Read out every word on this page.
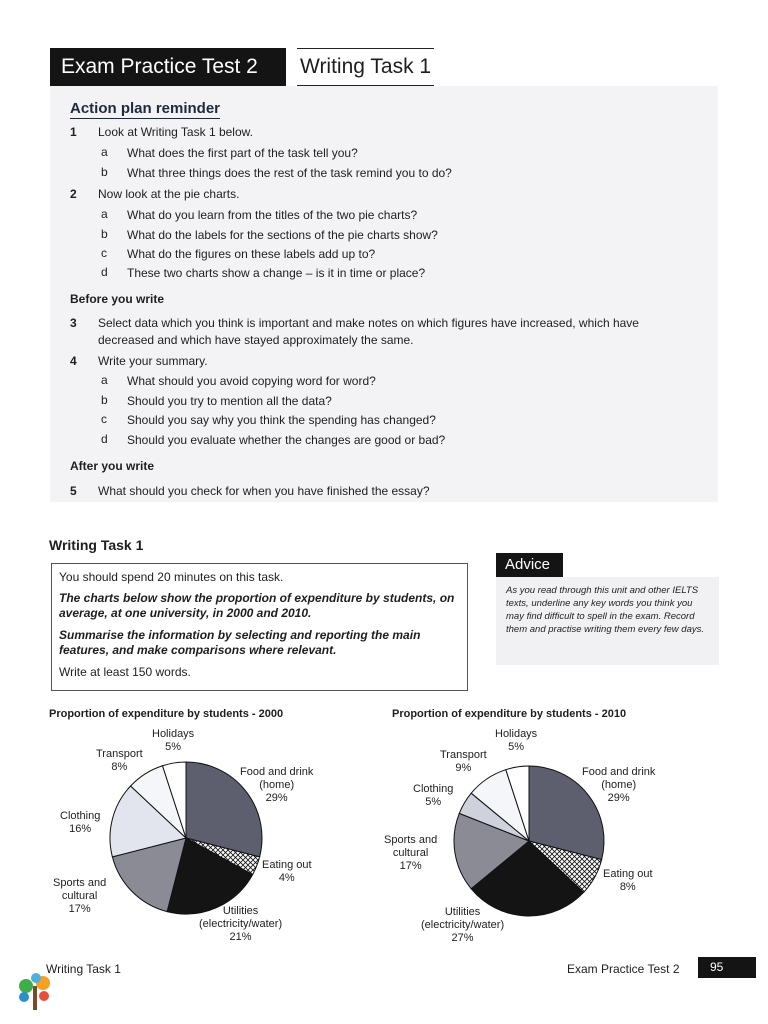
Exam Practice Test 2	Writing Task 1
Action plan reminder
1 Look at Writing Task 1 below.
a What does the first part of the task tell you?
b What three things does the rest of the task remind you to do?
2 Now look at the pie charts.
a What do you learn from the titles of the two pie charts?
b What do the labels for the sections of the pie charts show?
c What do the figures on these labels add up to?
d These two charts show a change – is it in time or place?
Before you write
3 Select data which you think is important and make notes on which figures have increased, which have
decreased and which have stayed approximately the same.
4 Write your summary.
a What should you avoid copying word for word?
b Should you try to mention all the data?
c Should you say why you think the spending has changed?
d Should you evaluate whether the changes are good or bad?
After you write
5 What should you check for when you have finished the essay?
Writing Task 1
You should spend 20 minutes on this task.
The charts below show the proportion of expenditure by students, on average, at one university, in 2000 and 2010.
Summarise the information by selecting and reporting the main features, and make comparisons where relevant.
Write at least 150 words.
Advice
As you read through this unit and other IELTS texts, underline any key words you think you may find difficult to spell in the exam. Record them and practise writing them every few days.
Proportion of expenditure by students - 2000
Holidays
5%
Transport
8%	Food and drink
(home)
29%
Clothing
16%
Eating out
4%
Sports and
cultural
17%	Utilities
(electricity/water)
21%
Proportion of expenditure by students - 2010
Holidays
5%
Transport
9%	Food and drink
(home)
29%
Clothing
5%
Sports and
cultural
17%
Eating out
8%
Utilities
(electricity/water)
27%
Writing Task 1	Exam Practice Test 2	95
